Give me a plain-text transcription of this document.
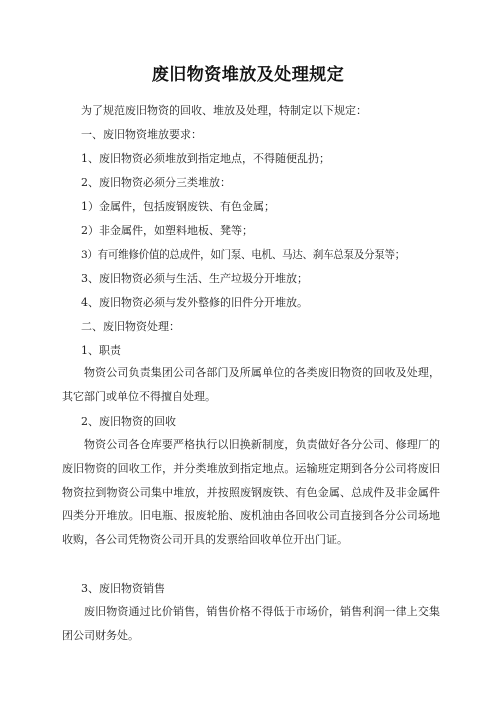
废旧物资堆放及处理规定
为了规范废旧物资的回收、堆放及处理，特制定以下规定：
一、废旧物资堆放要求：
1、废旧物资必须堆放到指定地点，不得随便乱扔；
2、废旧物资必须分三类堆放：
1）金属件，包括废钢废铁、有色金属；
2）非金属件，如塑料地板、凳等；
3）有可维修价值的总成件，如门泵、电机、马达、刹车总泵及分泵等；
3、废旧物资必须与生活、生产垃圾分开堆放；
4、废旧物资必须与发外整修的旧件分开堆放。
二、废旧物资处理：
1、职责
物资公司负责集团公司各部门及所属单位的各类废旧物资的回收及处理，其它部门或单位不得擅自处理。
2、废旧物资的回收
物资公司各仓库要严格执行以旧换新制度，负责做好各分公司、修理厂的废旧物资的回收工作，并分类堆放到指定地点。运输班定期到各分公司将废旧物资拉到物资公司集中堆放，并按照废钢废铁、有色金属、总成件及非金属件四类分开堆放。旧电瓶、报废轮胎、废机油由各回收公司直接到各分公司场地收购，各公司凭物资公司开具的发票给回收单位开出门证。
3、废旧物资销售
废旧物资通过比价销售，销售价格不得低于市场价，销售利润一律上交集团公司财务处。
